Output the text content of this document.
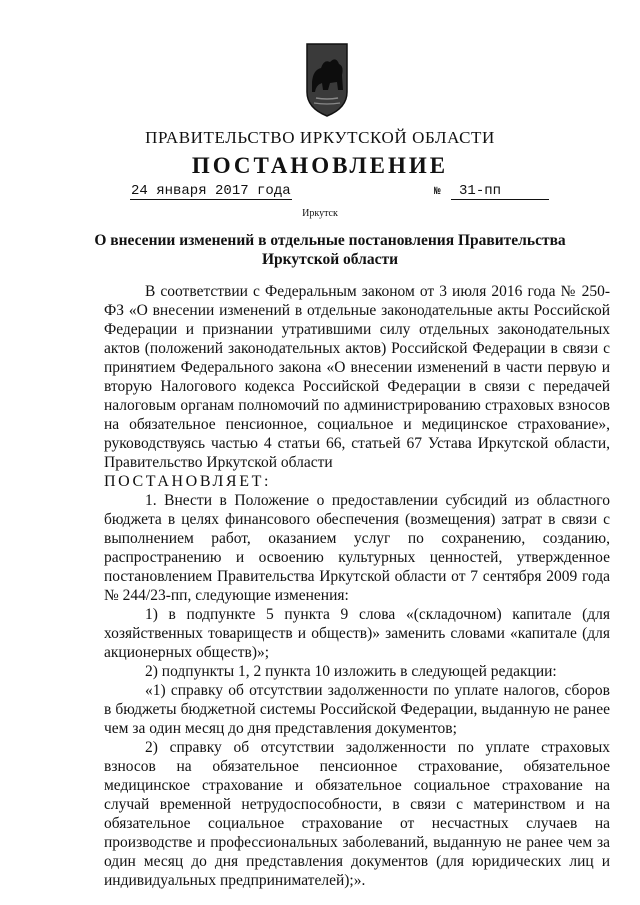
ПРАВИТЕЛЬСТВО ИРКУТСКОЙ ОБЛАСТИ
ПОСТАНОВЛЕНИЕ
24 января 2017 года	№ 31-пп
Иркутск
О внесении изменений в отдельные постановления Правительства Иркутской области

В соответствии с Федеральным законом от 3 июля 2016 года № 250-ФЗ «О внесении изменений в отдельные законодательные акты Российской Федерации и признании утратившими силу отдельных законодательных актов (положений законодательных актов) Российской Федерации в связи с принятием Федерального закона «О внесении изменений в части первую и вторую Налогового кодекса Российской Федерации в связи с передачей налоговым органам полномочий по администрированию страховых взносов на обязательное пенсионное, социальное и медицинское страхование», руководствуясь частью 4 статьи 66, статьей 67 Устава Иркутской области, Правительство Иркутской области

ПОСТАНОВЛЯЕТ:

1. Внести в Положение о предоставлении субсидий из областного бюджета в целях финансового обеспечения (возмещения) затрат в связи с выполнением работ, оказанием услуг по сохранению, созданию, распространению и освоению культурных ценностей, утвержденное постановлением Правительства Иркутской области от 7 сентября 2009 года № 244/23-пп, следующие изменения:

1) в подпункте 5 пункта 9 слова «(складочном) капитале (для хозяйственных товариществ и обществ)» заменить словами «капитале (для акционерных обществ)»;

2) подпункты 1, 2 пункта 10 изложить в следующей редакции:

«1) справку об отсутствии задолженности по уплате налогов, сборов в бюджеты бюджетной системы Российской Федерации, выданную не ранее чем за один месяц до дня представления документов;

2) справку об отсутствии задолженности по уплате страховых взносов на обязательное пенсионное страхование, обязательное медицинское страхование и обязательное социальное страхование на случай временной нетрудоспособности, в связи с материнством и на обязательное социальное страхование от несчастных случаев на производстве и профессиональных заболеваний, выданную не ранее чем за один месяц до дня представления документов (для юридических лиц и индивидуальных предпринимателей);».
